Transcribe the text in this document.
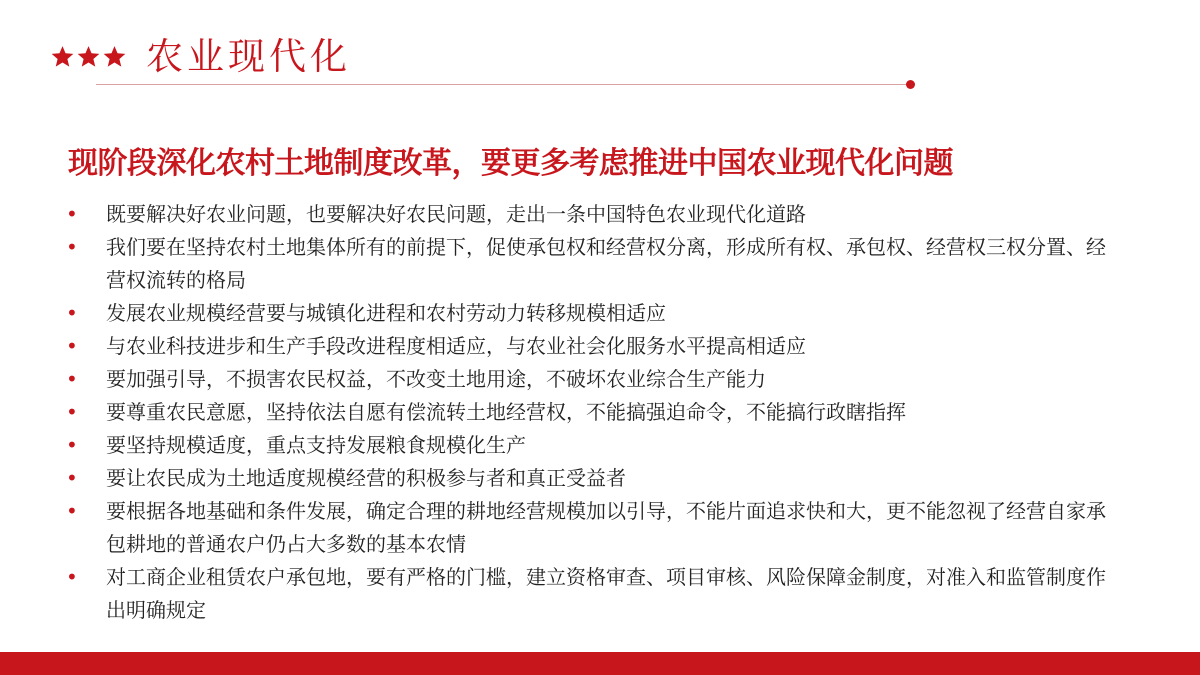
农业现代化
现阶段深化农村土地制度改革，要更多考虑推进中国农业现代化问题
•	既要解决好农业问题，也要解决好农民问题，走出一条中国特色农业现代化道路
•	我们要在坚持农村土地集体所有的前提下，促使承包权和经营权分离，形成所有权、承包权、经营权三权分置、经营权流转的格局
•	发展农业规模经营要与城镇化进程和农村劳动力转移规模相适应
•	与农业科技进步和生产手段改进程度相适应，与农业社会化服务水平提高相适应
•	要加强引导，不损害农民权益，不改变土地用途，不破坏农业综合生产能力
•	要尊重农民意愿，坚持依法自愿有偿流转土地经营权，不能搞强迫命令，不能搞行政瞎指挥
•	要坚持规模适度，重点支持发展粮食规模化生产
•	要让农民成为土地适度规模经营的积极参与者和真正受益者
•	要根据各地基础和条件发展，确定合理的耕地经营规模加以引导，不能片面追求快和大，更不能忽视了经营自家承包耕地的普通农户仍占大多数的基本农情
•	对工商企业租赁农户承包地，要有严格的门槛，建立资格审查、项目审核、风险保障金制度，对准入和监管制度作出明确规定
